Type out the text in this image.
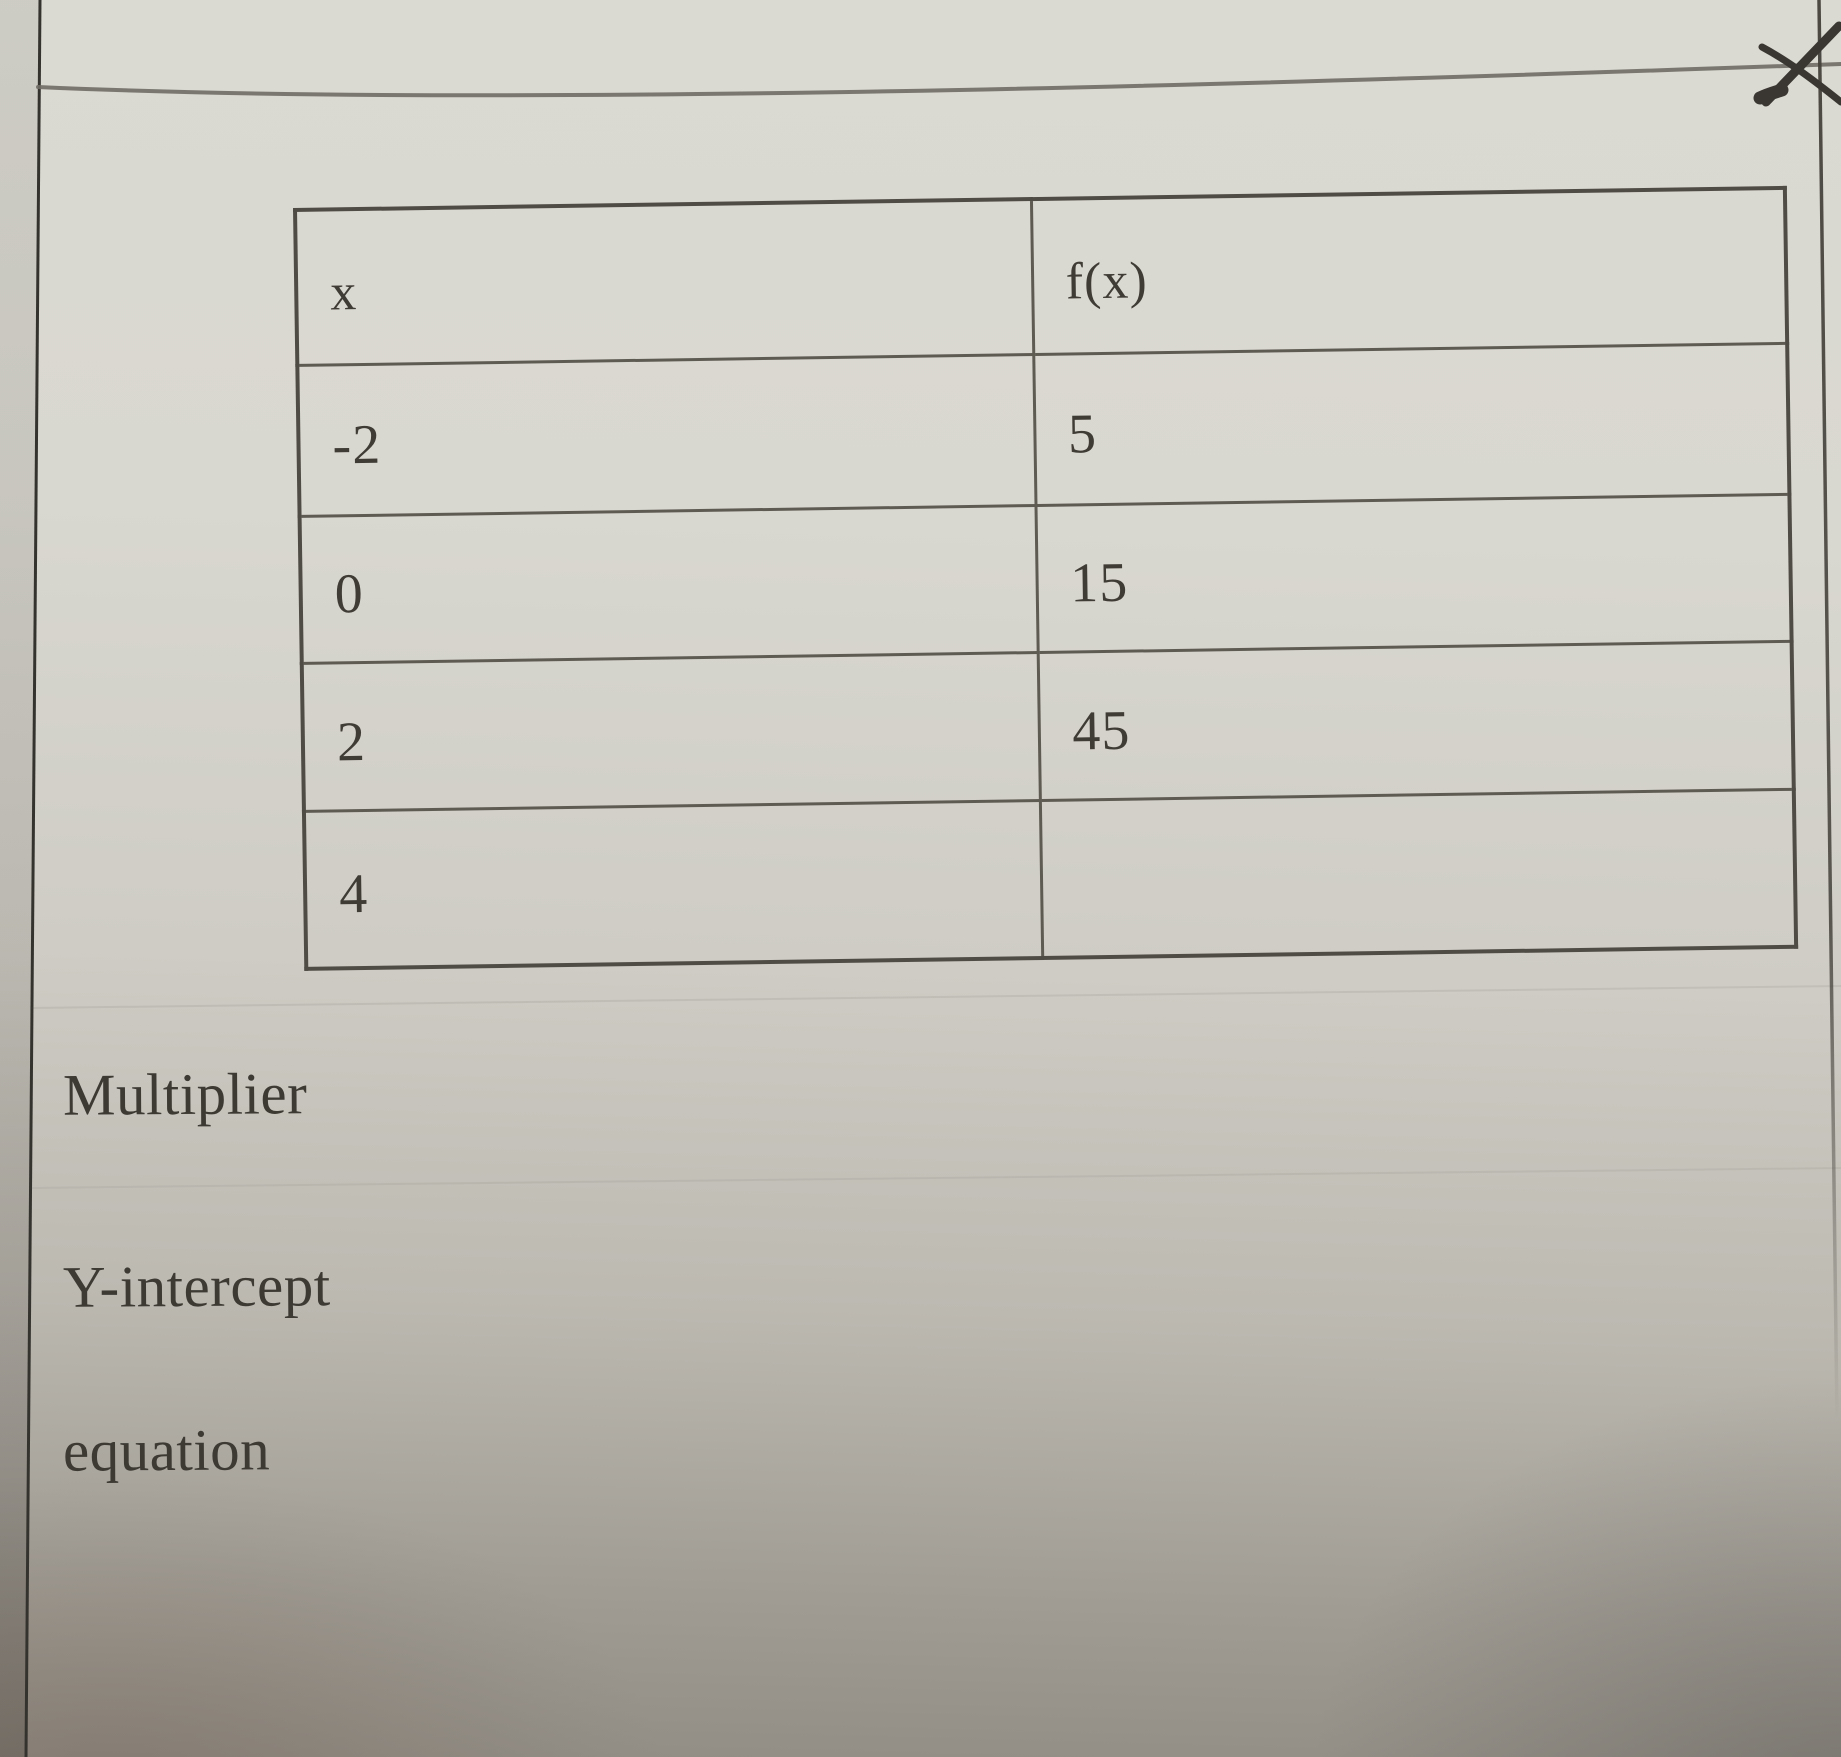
x	f(x)
-2	5
0	15
2	45
4	
Multiplier
Y-intercept
equation
